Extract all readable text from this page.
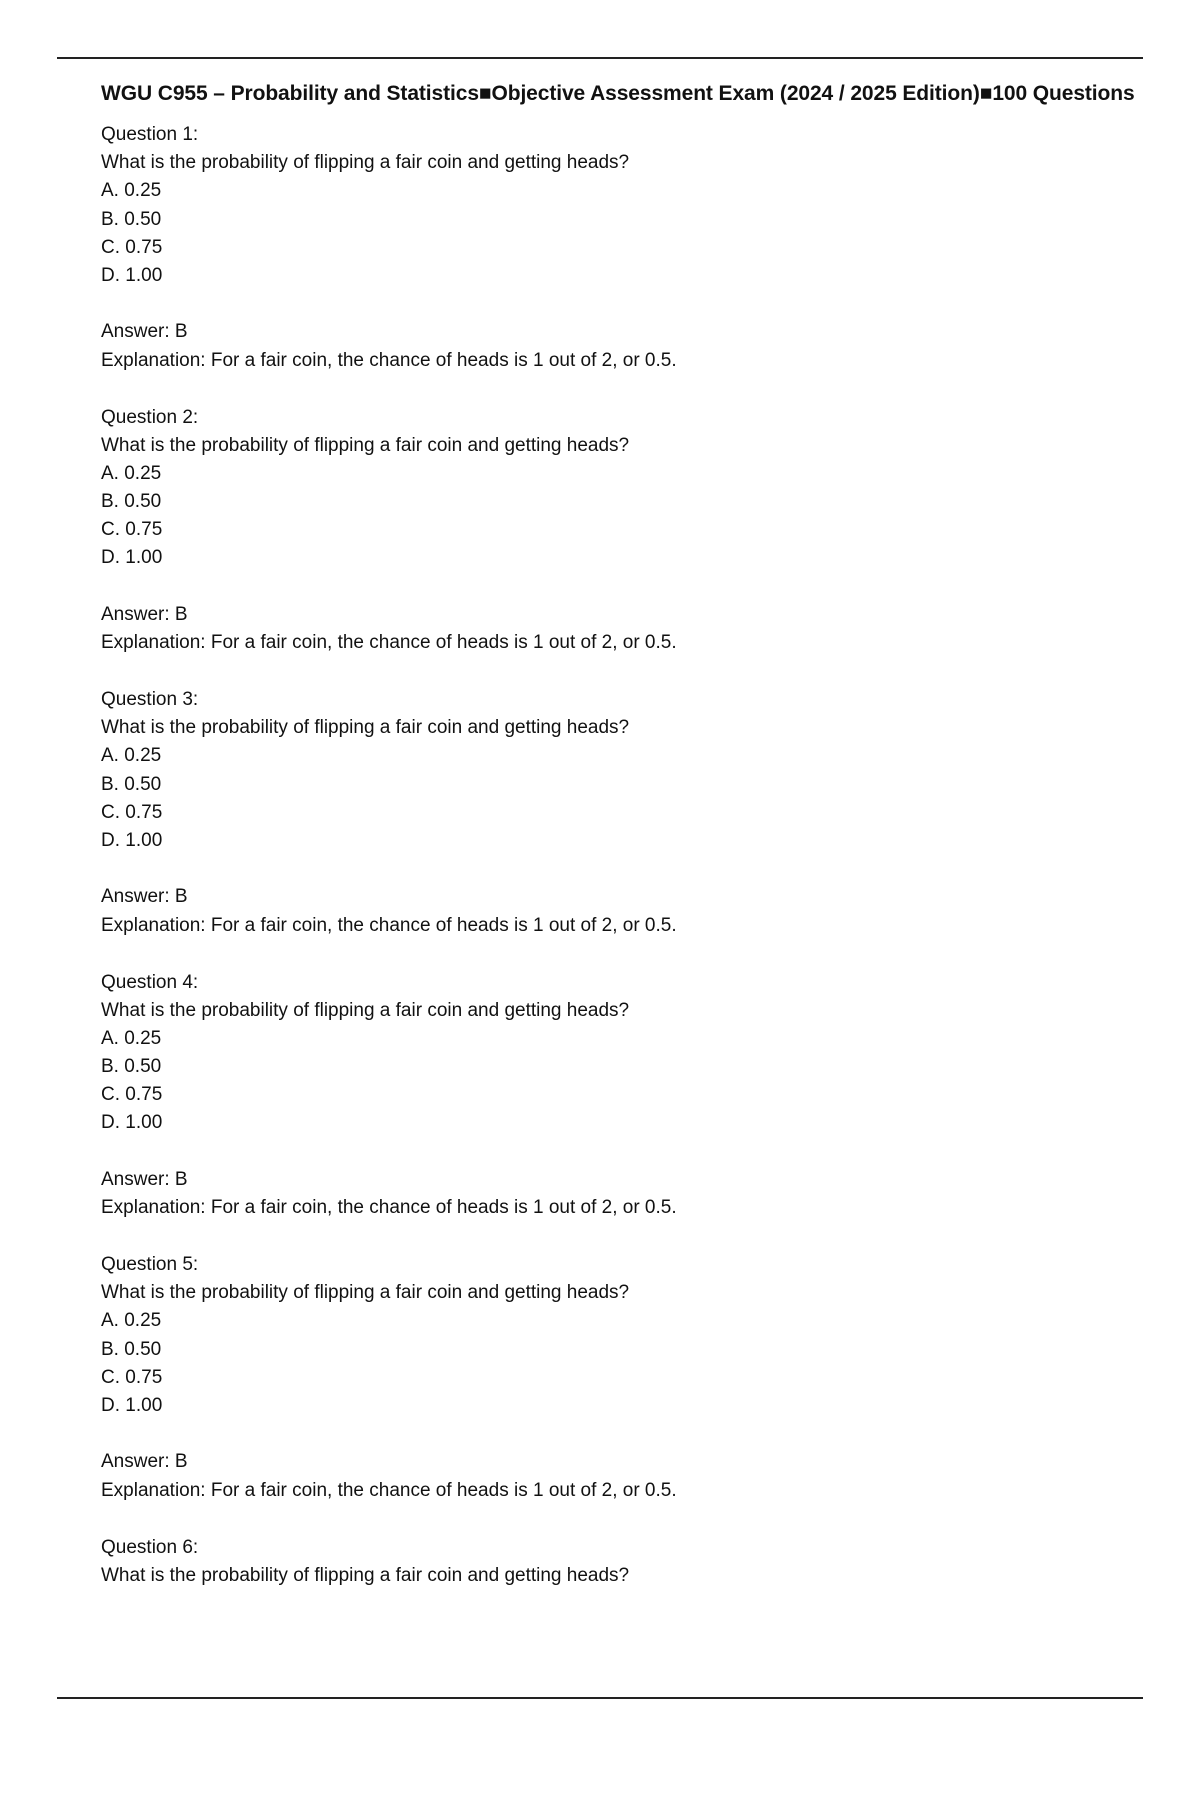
WGU C955 – Probability and Statistics■Objective Assessment Exam (2024 / 2025 Edition)■100 Questions
Question 1:
What is the probability of flipping a fair coin and getting heads?
A. 0.25
B. 0.50
C. 0.75
D. 1.00
Answer: B
Explanation: For a fair coin, the chance of heads is 1 out of 2, or 0.5.
Question 2:
What is the probability of flipping a fair coin and getting heads?
A. 0.25
B. 0.50
C. 0.75
D. 1.00
Answer: B
Explanation: For a fair coin, the chance of heads is 1 out of 2, or 0.5.
Question 3:
What is the probability of flipping a fair coin and getting heads?
A. 0.25
B. 0.50
C. 0.75
D. 1.00
Answer: B
Explanation: For a fair coin, the chance of heads is 1 out of 2, or 0.5.
Question 4:
What is the probability of flipping a fair coin and getting heads?
A. 0.25
B. 0.50
C. 0.75
D. 1.00
Answer: B
Explanation: For a fair coin, the chance of heads is 1 out of 2, or 0.5.
Question 5:
What is the probability of flipping a fair coin and getting heads?
A. 0.25
B. 0.50
C. 0.75
D. 1.00
Answer: B
Explanation: For a fair coin, the chance of heads is 1 out of 2, or 0.5.
Question 6:
What is the probability of flipping a fair coin and getting heads?
